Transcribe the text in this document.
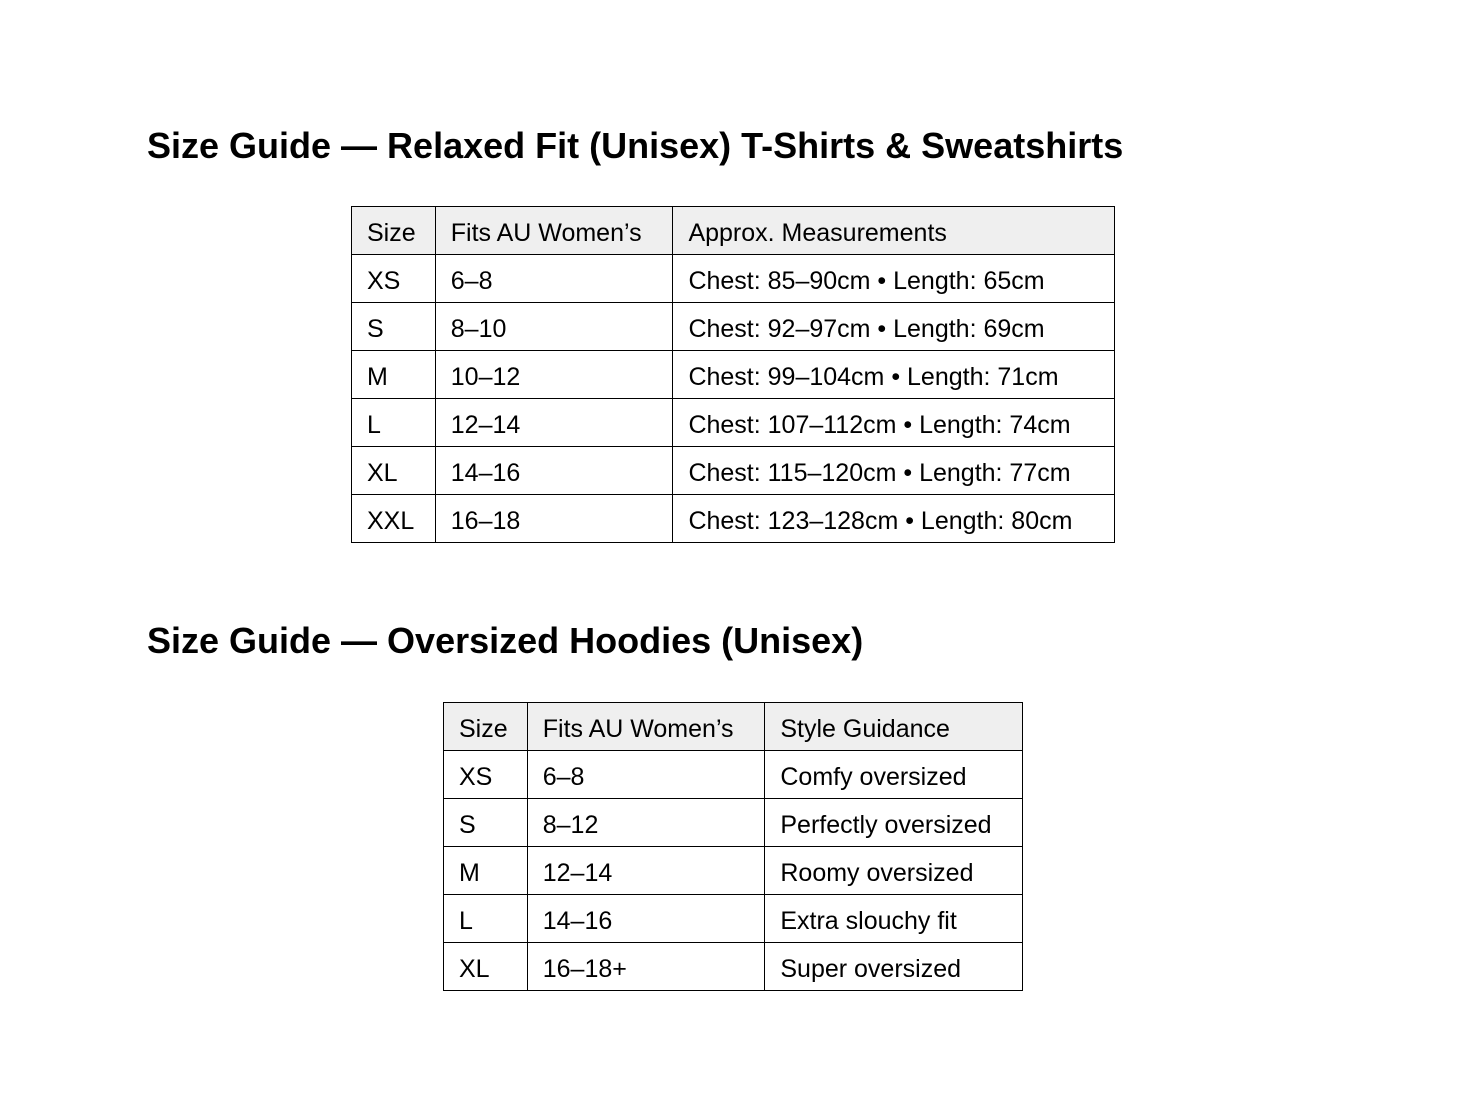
Size Guide — Relaxed Fit (Unisex) T-Shirts & Sweatshirts
Size	Fits AU Women’s	Approx. Measurements
XS	6–8	Chest: 85–90cm • Length: 65cm
S	8–10	Chest: 92–97cm • Length: 69cm
M	10–12	Chest: 99–104cm • Length: 71cm
L	12–14	Chest: 107–112cm • Length: 74cm
XL	14–16	Chest: 115–120cm • Length: 77cm
XXL	16–18	Chest: 123–128cm • Length: 80cm
Size Guide — Oversized Hoodies (Unisex)
Size	Fits AU Women’s	Style Guidance
XS	6–8	Comfy oversized
S	8–12	Perfectly oversized
M	12–14	Roomy oversized
L	14–16	Extra slouchy fit
XL	16–18+	Super oversized
